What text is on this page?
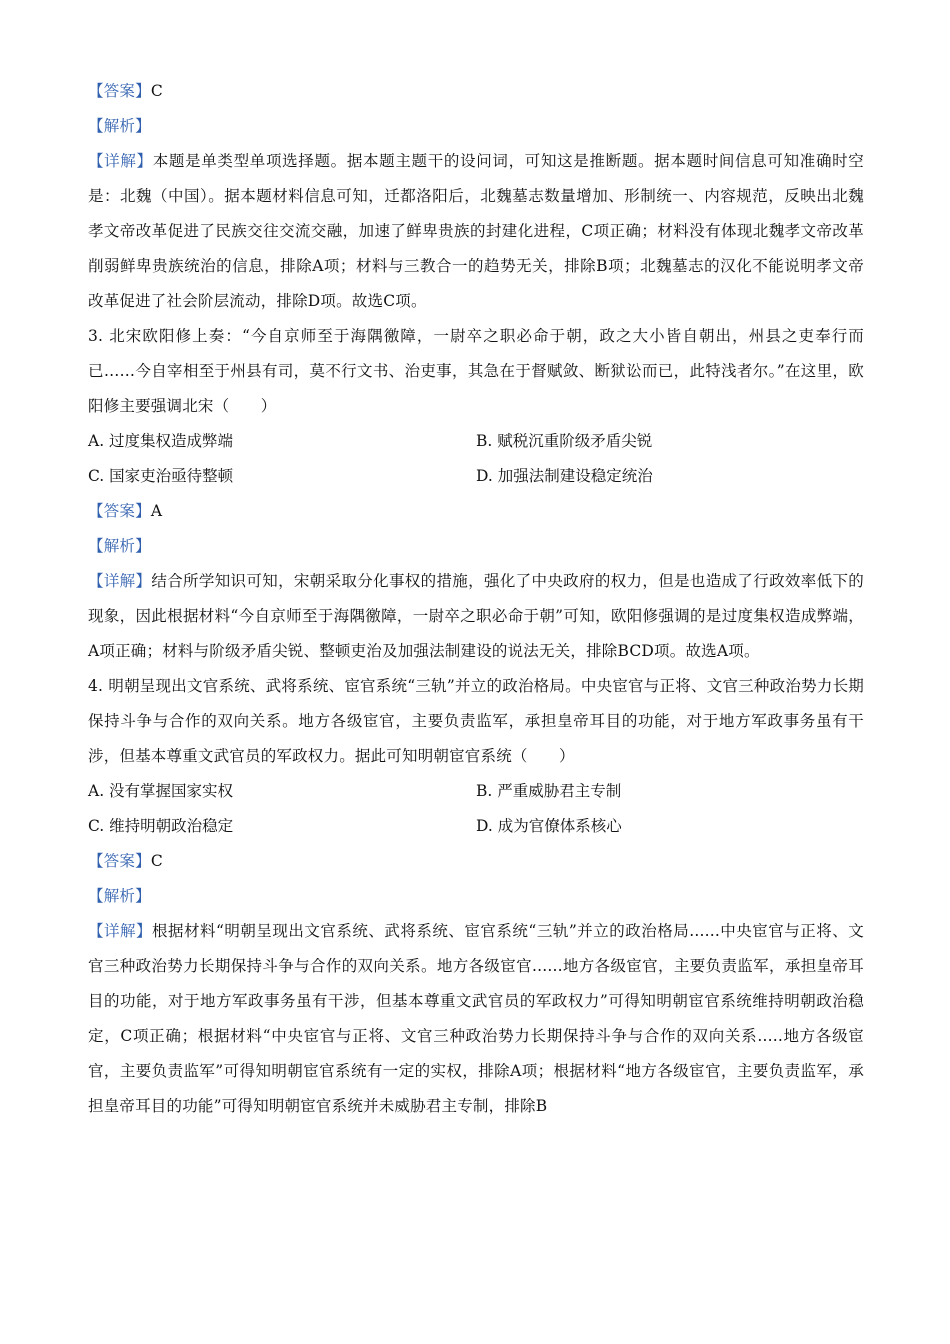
【答案】C
【解析】
【详解】本题是单类型单项选择题。据本题主题干的设问词，可知这是推断题。据本题时间信息可知准确时空是：北魏（中国）。据本题材料信息可知，迁都洛阳后，北魏墓志数量增加、形制统一、内容规范，反映出北魏孝文帝改革促进了民族交往交流交融，加速了鲜卑贵族的封建化进程，C项正确；材料没有体现北魏孝文帝改革削弱鲜卑贵族统治的信息，排除A项；材料与三教合一的趋势无关，排除B项；北魏墓志的汉化不能说明孝文帝改革促进了社会阶层流动，排除D项。故选C项。
3. 北宋欧阳修上奏：“今自京师至于海隅徼障，一尉卒之职必命于朝，政之大小皆自朝出，州县之吏奉行而已……今自宰相至于州县有司，莫不行文书、治吏事，其急在于督赋敛、断狱讼而已，此特浅者尔。”在这里，欧阳修主要强调北宋（　　）
A. 过度集权造成弊端	B. 赋税沉重阶级矛盾尖锐
C. 国家吏治亟待整顿	D. 加强法制建设稳定统治
【答案】A
【解析】
【详解】结合所学知识可知，宋朝采取分化事权的措施，强化了中央政府的权力，但是也造成了行政效率低下的现象，因此根据材料“今自京师至于海隅徼障，一尉卒之职必命于朝”可知，欧阳修强调的是过度集权造成弊端，A项正确；材料与阶级矛盾尖锐、整顿吏治及加强法制建设的说法无关，排除BCD项。故选A项。
4. 明朝呈现出文官系统、武将系统、宦官系统“三轨”并立的政治格局。中央宦官与正将、文官三种政治势力长期保持斗争与合作的双向关系。地方各级宦官，主要负责监军，承担皇帝耳目的功能，对于地方军政事务虽有干涉，但基本尊重文武官员的军政权力。据此可知明朝宦官系统（　　）
A. 没有掌握国家实权	B. 严重威胁君主专制
C. 维持明朝政治稳定	D. 成为官僚体系核心
【答案】C
【解析】
【详解】根据材料“明朝呈现出文官系统、武将系统、宦官系统“三轨”并立的政治格局......中央宦官与正将、文官三种政治势力长期保持斗争与合作的双向关系。地方各级宦官......地方各级宦官，主要负责监军，承担皇帝耳目的功能，对于地方军政事务虽有干涉，但基本尊重文武官员的军政权力”可得知明朝宦官系统维持明朝政治稳定，C项正确；根据材料“中央宦官与正将、文官三种政治势力长期保持斗争与合作的双向关系.....地方各级宦官，主要负责监军”可得知明朝宦官系统有一定的实权，排除A项；根据材料“地方各级宦官，主要负责监军，承担皇帝耳目的功能”可得知明朝宦官系统并未威胁君主专制，排除B
